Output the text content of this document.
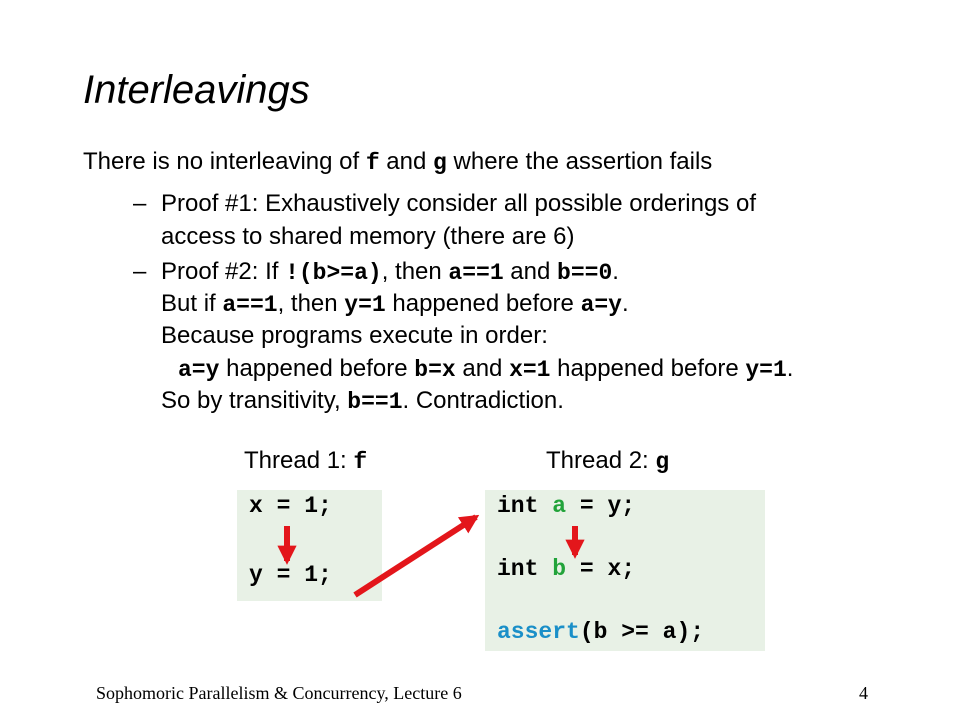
Interleavings
There is no interleaving of f and g where the assertion fails
– Proof #1: Exhaustively consider all possible orderings of
access to shared memory (there are 6)
– Proof #2: If !(b>=a), then a==1 and b==0.
But if a==1, then y=1 happened before a=y.
Because programs execute in order:
a=y happened before b=x and x=1 happened before y=1.
So by transitivity, b==1. Contradiction.
Thread 1: f	Thread 2: g
x = 1;
y = 1;
int a = y;
int b = x;
assert(b >= a);
Sophomoric Parallelism & Concurrency, Lecture 6	4
